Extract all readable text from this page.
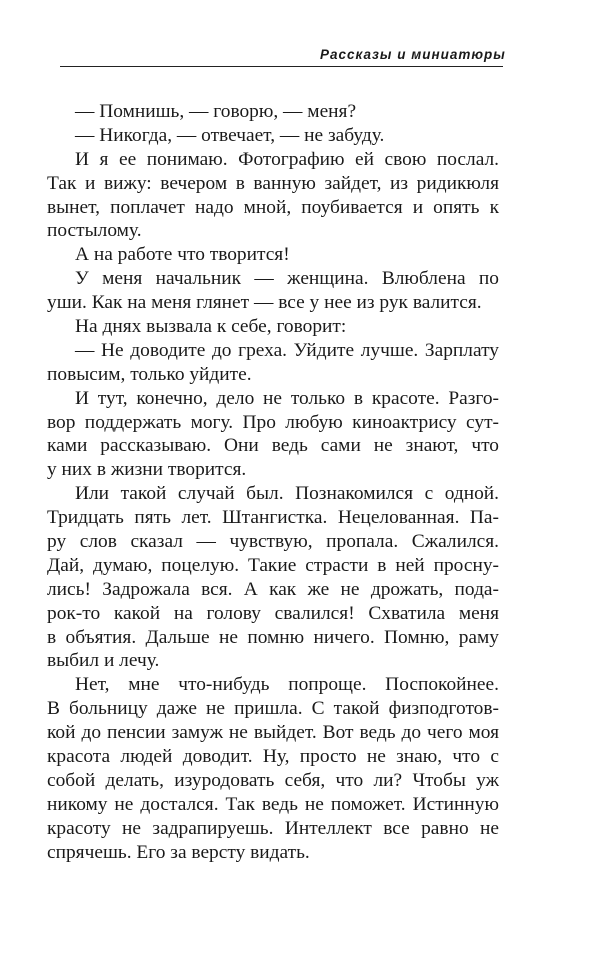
Рассказы и миниатюры
— Помнишь, — говорю, — меня?
— Никогда, — отвечает, — не забуду.
И я ее понимаю. Фотографию ей свою послал.
Так и вижу: вечером в ванную зайдет, из ридикюля
вынет, поплачет надо мной, поубивается и опять к
постылому.
А на работе что творится!
У меня начальник — женщина. Влюблена по
уши. Как на меня глянет — все у нее из рук валится.
На днях вызвала к себе, говорит:
— Не доводите до греха. Уйдите лучше. Зарплату
повысим, только уйдите.
И тут, конечно, дело не только в красоте. Разго-
вор поддержать могу. Про любую киноактрису сут-
ками рассказываю. Они ведь сами не знают, что
у них в жизни творится.
Или такой случай был. Познакомился с одной.
Тридцать пять лет. Штангистка. Нецелованная. Па-
ру слов сказал — чувствую, пропала. Сжалился.
Дай, думаю, поцелую. Такие страсти в ней просну-
лись! Задрожала вся. А как же не дрожать, пода-
рок-то какой на голову свалился! Схватила меня
в объятия. Дальше не помню ничего. Помню, раму
выбил и лечу.
Нет, мне что-нибудь попроще. Поспокойнее.
В больницу даже не пришла. С такой физподготов-
кой до пенсии замуж не выйдет. Вот ведь до чего моя
красота людей доводит. Ну, просто не знаю, что с
собой делать, изуродовать себя, что ли? Чтобы уж
никому не достался. Так ведь не поможет. Истинную
красоту не задрапируешь. Интеллект все равно не
спрячешь. Его за версту видать.
